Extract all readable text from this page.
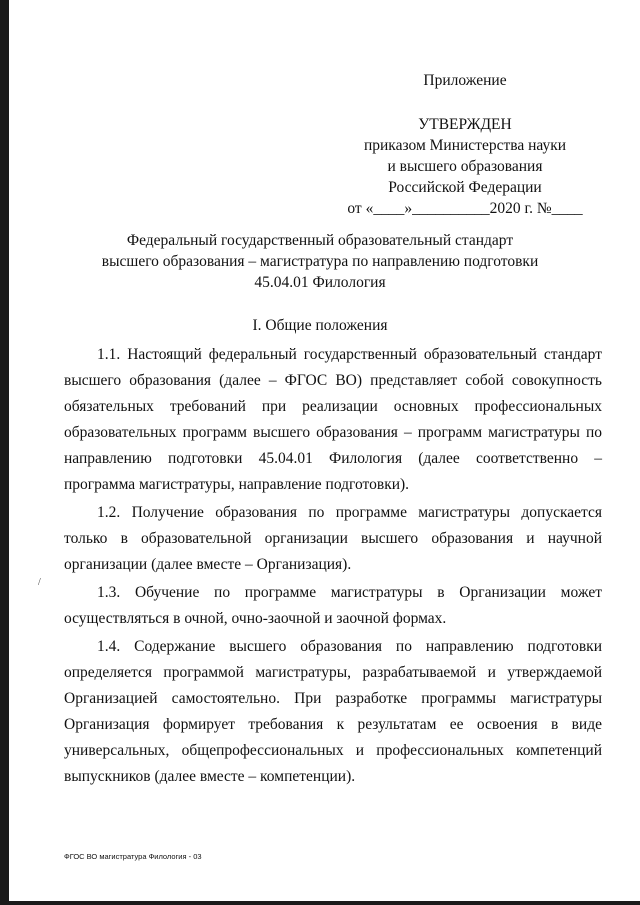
Приложение
УТВЕРЖДЕН
приказом Министерства науки
и высшего образования
Российской Федерации
от «____»__________2020 г. №____
Федеральный государственный образовательный стандарт
высшего образования – магистратура по направлению подготовки
45.04.01 Филология
I. Общие положения

1.1. Настоящий федеральный государственный образовательный стандарт высшего образования (далее – ФГОС ВО) представляет собой совокупность обязательных требований при реализации основных профессиональных образовательных программ высшего образования – программ магистратуры по направлению подготовки 45.04.01 Филология (далее соответственно – программа магистратуры, направление подготовки).

1.2. Получение образования по программе магистратуры допускается только в образовательной организации высшего образования и научной организации (далее вместе – Организация).

1.3. Обучение по программе магистратуры в Организации может осуществляться в очной, очно-заочной и заочной формах.

1.4. Содержание высшего образования по направлению подготовки определяется программой магистратуры, разрабатываемой и утверждаемой Организацией самостоятельно. При разработке программы магистратуры Организация формирует требования к результатам ее освоения в виде универсальных, общепрофессиональных и профессиональных компетенций выпускников (далее вместе – компетенции).

/
ФГОС ВО магистратура Филология - 03
